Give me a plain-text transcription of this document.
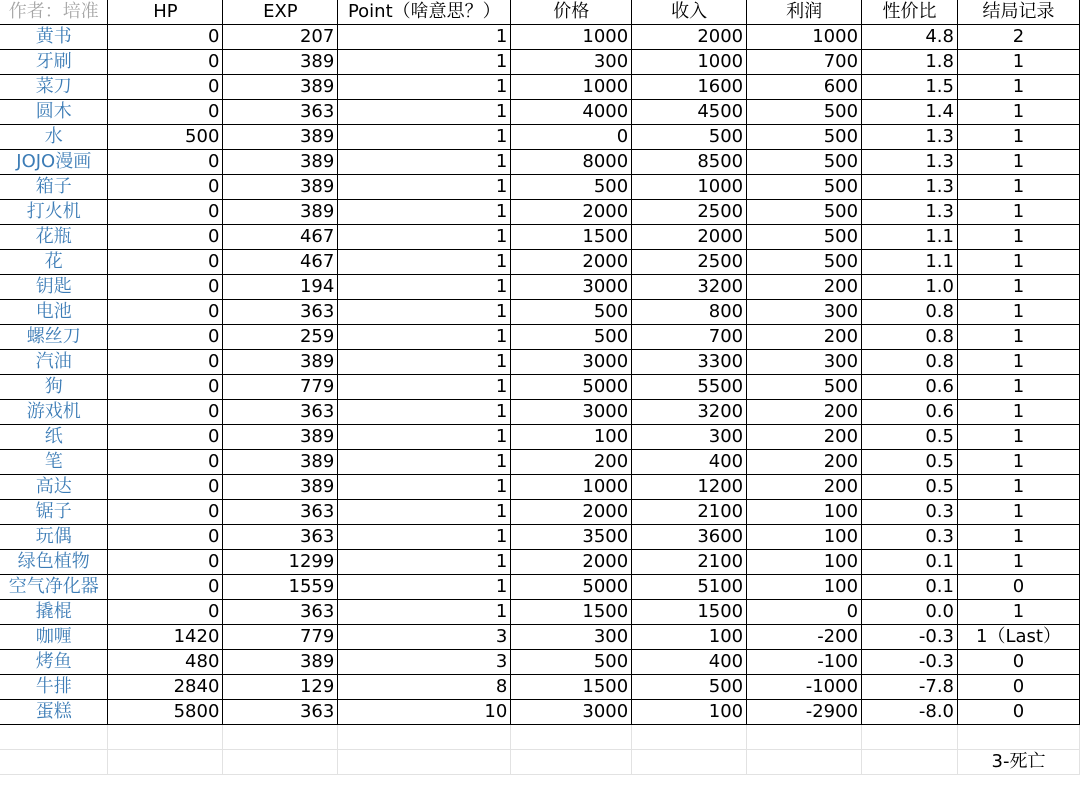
作者：培准	HP	EXP	Point（啥意思？）	价格	收入	利润	性价比	结局记录
黄书	0	207	1	1000	2000	1000	4.8	2
牙刷	0	389	1	300	1000	700	1.8	1
菜刀	0	389	1	1000	1600	600	1.5	1
圆木	0	363	1	4000	4500	500	1.4	1
水	500	389	1	0	500	500	1.3	1
JOJO漫画	0	389	1	8000	8500	500	1.3	1
箱子	0	389	1	500	1000	500	1.3	1
打火机	0	389	1	2000	2500	500	1.3	1
花瓶	0	467	1	1500	2000	500	1.1	1
花	0	467	1	2000	2500	500	1.1	1
钥匙	0	194	1	3000	3200	200	1.0	1
电池	0	363	1	500	800	300	0.8	1
螺丝刀	0	259	1	500	700	200	0.8	1
汽油	0	389	1	3000	3300	300	0.8	1
狗	0	779	1	5000	5500	500	0.6	1
游戏机	0	363	1	3000	3200	200	0.6	1
纸	0	389	1	100	300	200	0.5	1
笔	0	389	1	200	400	200	0.5	1
高达	0	389	1	1000	1200	200	0.5	1
锯子	0	363	1	2000	2100	100	0.3	1
玩偶	0	363	1	3500	3600	100	0.3	1
绿色植物	0	1299	1	2000	2100	100	0.1	1
空气净化器	0	1559	1	5000	5100	100	0.1	0
撬棍	0	363	1	1500	1500	0	0.0	1
咖喱	1420	779	3	300	100	-200	-0.3	1（Last）
烤鱼	480	389	3	500	400	-100	-0.3	0
牛排	2840	129	8	1500	500	-1000	-7.8	0
蛋糕	5800	363	10	3000	100	-2900	-8.0	0

								3-死亡
